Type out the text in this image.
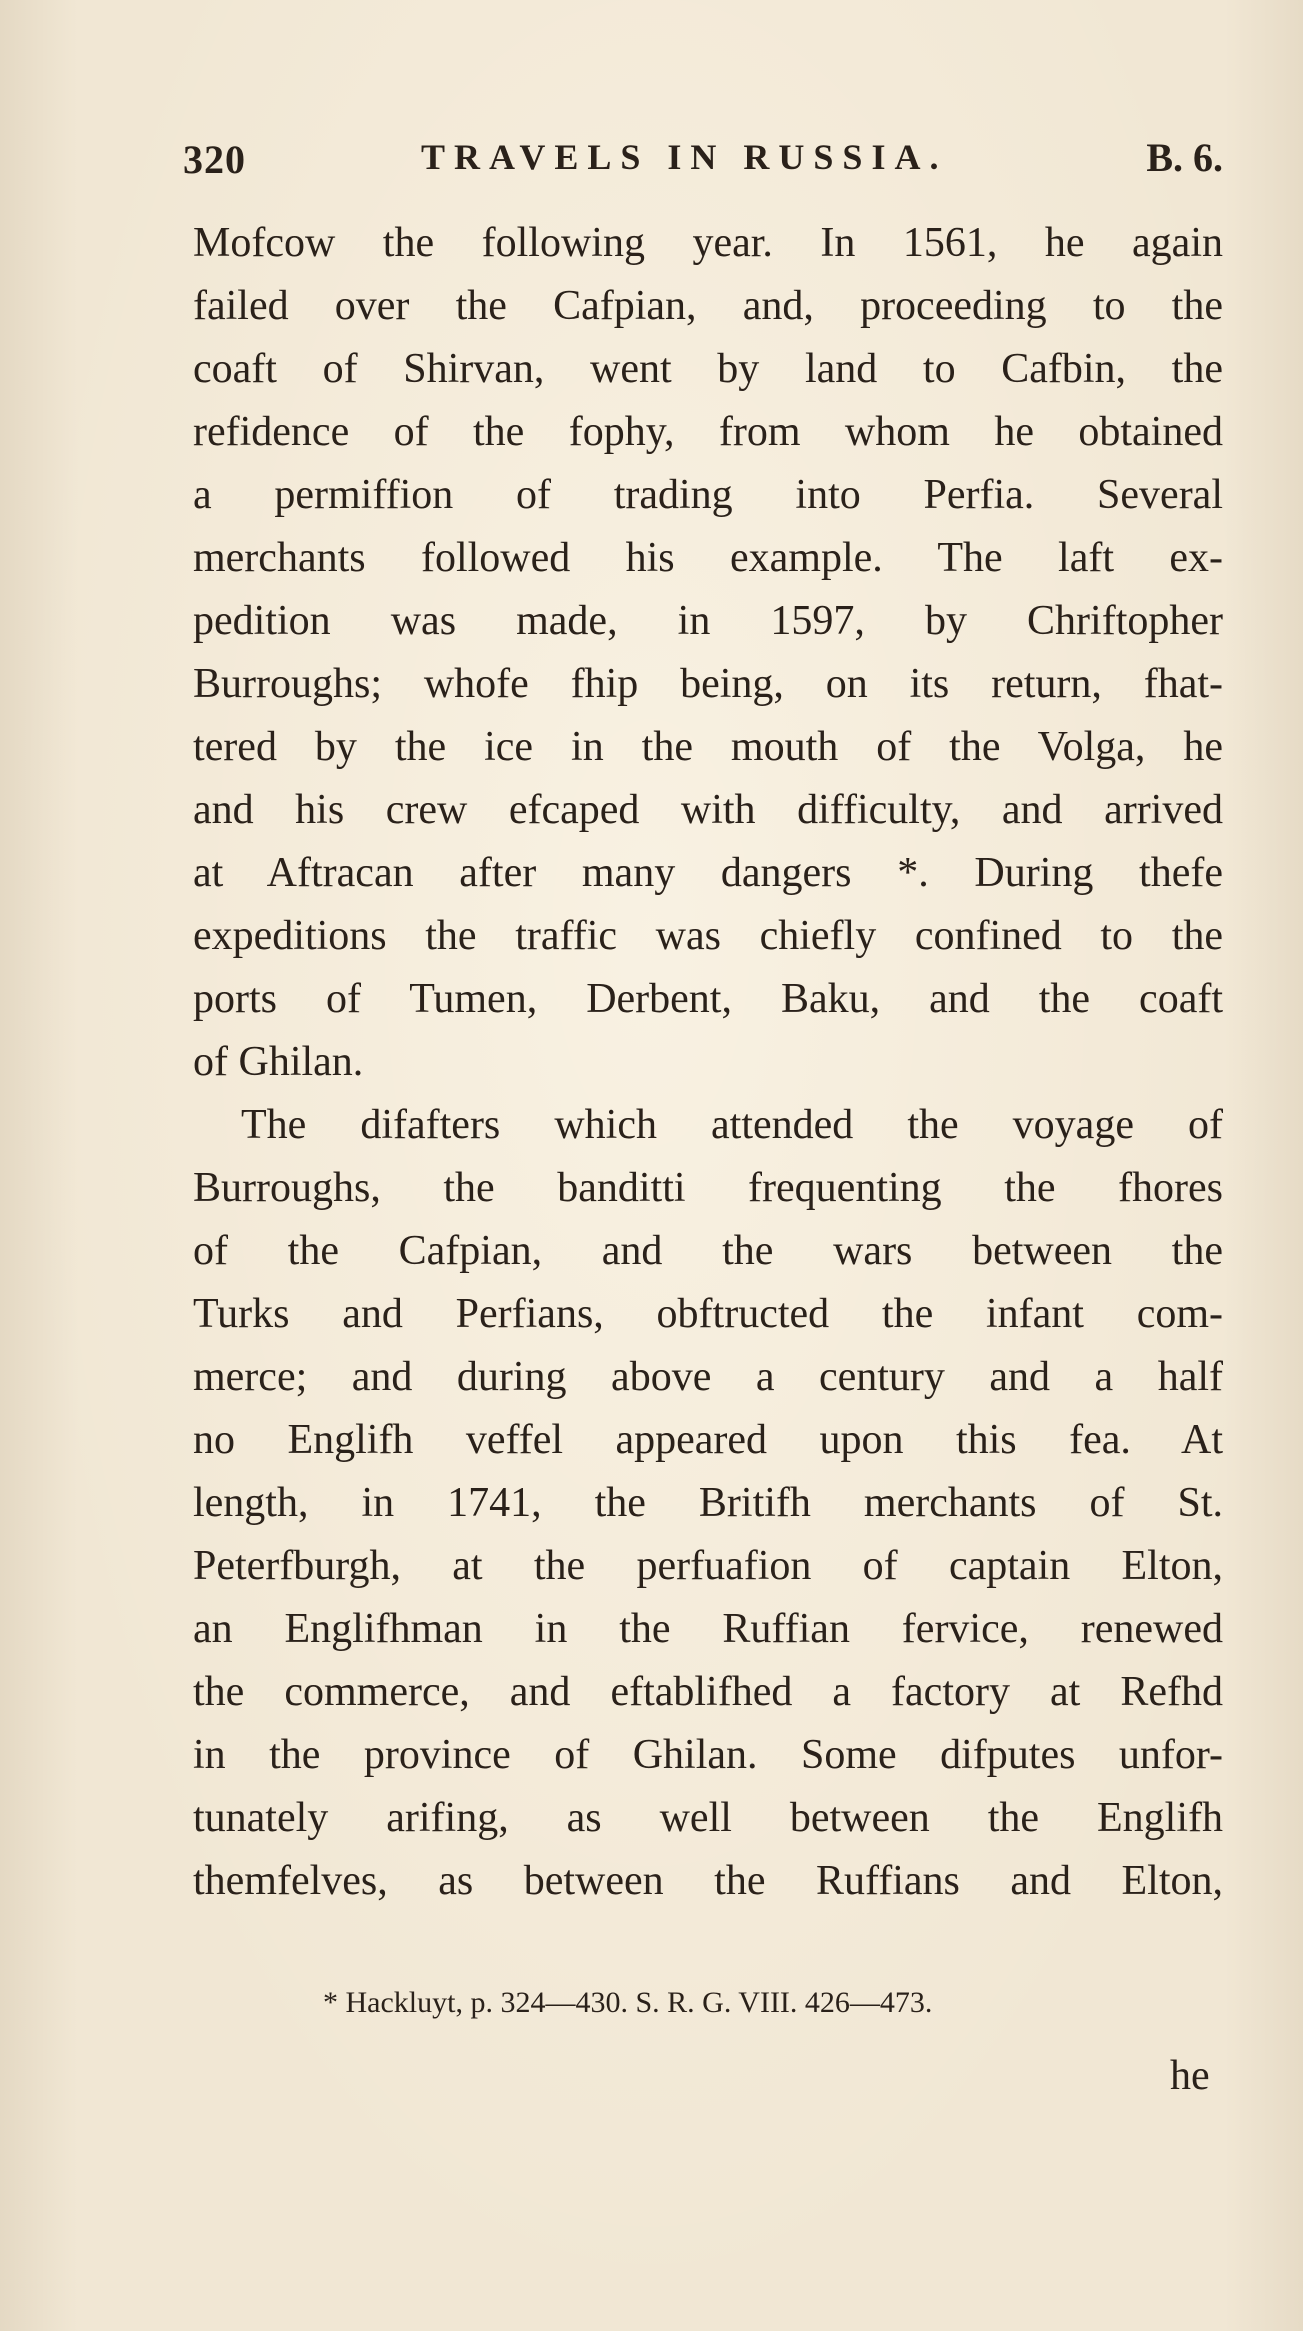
320	TRAVELS IN RUSSIA.	B. 6.
Mofcow the following year. In 1561, he again
failed over the Cafpian, and, proceeding to the
coaft of Shirvan, went by land to Cafbin, the
refidence of the fophy, from whom he obtained
a permiffion of trading into Perfia. Several
merchants followed his example. The laft ex-
pedition was made, in 1597, by Chriftopher
Burroughs; whofe fhip being, on its return, fhat-
tered by the ice in the mouth of the Volga, he
and his crew efcaped with difficulty, and arrived
at Aftracan after many dangers *. During thefe
expeditions the traffic was chiefly confined to the
ports of Tumen, Derbent, Baku, and the coaft
of Ghilan.
The difafters which attended the voyage of
Burroughs, the banditti frequenting the fhores
of the Cafpian, and the wars between the
Turks and Perfians, obftructed the infant com-
merce; and during above a century and a half
no Englifh veffel appeared upon this fea. At
length, in 1741, the Britifh merchants of St.
Peterfburgh, at the perfuafion of captain Elton,
an Englifhman in the Ruffian fervice, renewed
the commerce, and eftablifhed a factory at Refhd
in the province of Ghilan. Some difputes unfor-
tunately arifing, as well between the Englifh
themfelves, as between the Ruffians and Elton,
* Hackluyt, p. 324—430. S. R. G. VIII. 426—473.
he
